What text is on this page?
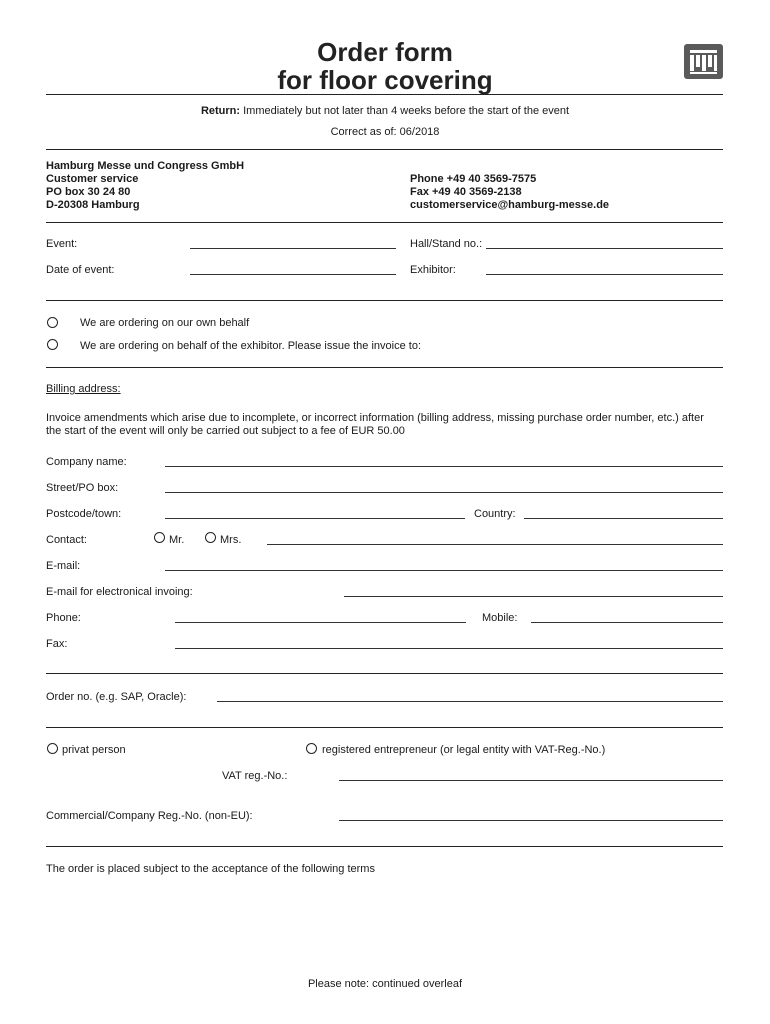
Order form
for floor covering
Return: Immediately but not later than 4 weeks before the start of the event
Correct as of: 06/2018
Hamburg Messe und Congress GmbH
Customer service
PO box 30 24 80
D-20308 Hamburg
Phone +49 40 3569-7575
Fax +49 40 3569-2138
customerservice@hamburg-messe.de
Event:	Hall/Stand no.:
Date of event:	Exhibitor:
We are ordering on our own behalf
We are ordering on behalf of the exhibitor. Please issue the invoice to:
Billing address:
Invoice amendments which arise due to incomplete, or incorrect information (billing address, missing purchase order number, etc.) after
the start of the event will only be carried out subject to a fee of EUR 50.00
Company name:
Street/PO box:
Postcode/town:	Country:
Contact:	Mr.	Mrs.
E-mail:
E-mail for electronical invoing:
Phone:	Mobile:
Fax:
Order no. (e.g. SAP, Oracle):
privat person	registered entrepreneur (or legal entity with VAT-Reg.-No.)
VAT reg.-No.:
Commercial/Company Reg.-No. (non-EU):
The order is placed subject to the acceptance of the following terms
Please note: continued overleaf
